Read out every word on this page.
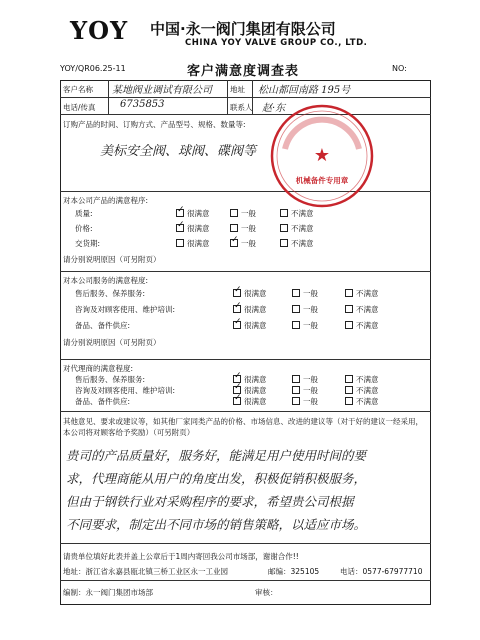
YOY 中国·永一阀门集团有限公司
CHINA YOY VALVE GROUP CO., LTD.
YOY/QR06.25-11	客户满意度调查表	NO:
客户名称 某地阀业调试有限公司 地址 松山都回南路 195号
电话/传真 6735853	联系人 赵·东
订购产品的时间、订购方式、产品型号、规格、数量等:
美标安全阀、球阀、碟阀等	★
机械备件专用章
对本公司产品的满意程序:
质量: ✓	很满意	一般	不满意
价格: ✓	很满意	一般	不满意
交货期:	很满意 ✓	一般	不满意
请分别说明原因（可另附页）
对本公司服务的满意程度:
售后服务、保养服务: ✓	很满意	一般	不满意
咨询及对顾客使用、维护培训: ✓	很满意	一般	不满意
备品、备件供应: ✓	很满意	一般	不满意
请分别说明原因（可另附页）
对代理商的满意程度:
售后服务、保养服务: ✓	很满意	一般	不满意
咨询及对顾客使用、维护培训: ✓	很满意	一般	不满意
备品、备件供应: ✓	很满意	一般	不满意
其他意见、要求或建议等，如其他厂家同类产品的价格、市场信息、改进的建议等（对于好的建议一经采用，本公司将对顾客给予奖励）（可另附页）
贵司的产品质量好，服务好，能满足用户使用时间的要
求，代理商能从用户的角度出发，积极促销积极服务，
但由于钢铁行业对采购程序的要求，希望贵公司根据
不同要求，制定出不同市场的销售策略，以适应市场。
请贵单位填好此表并盖上公章后于1周内寄回我公司市场部，谢谢合作!!
地址：浙江省永嘉县瓯北镇三桥工业区永一工业园	邮编：325105	电话：0577-67977710
编制：永一阀门集团市场部	审核：
